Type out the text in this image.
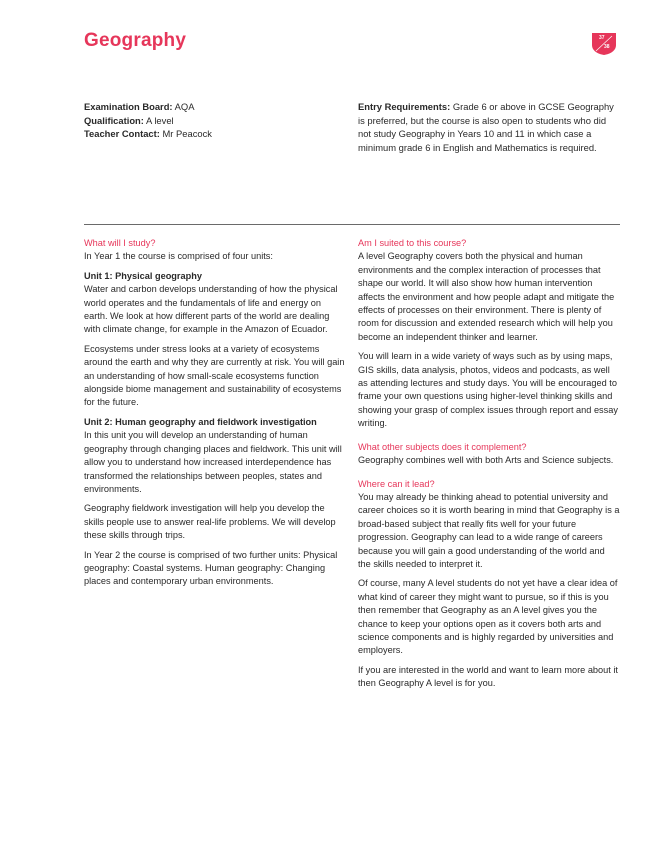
Geography	37
38
Examination Board: AQA
Qualification: A level
Teacher Contact: Mr Peacock
Entry Requirements: Grade 6 or above in GCSE Geography is preferred, but the course is also open to students who did not study Geography in Years 10 and 11 in which case a minimum grade 6 in English and Mathematics is required.
What will I study?

In Year 1 the course is comprised of four units:

Unit 1: Physical geography

Water and carbon develops understanding of how the physical world operates and the fundamentals of life and energy on earth. We look at how different parts of the world are dealing with climate change, for example in the Amazon of Ecuador.

Ecosystems under stress looks at a variety of ecosystems around the earth and why they are currently at risk. You will gain an understanding of how small-scale ecosystems function alongside biome management and sustainability of ecosystems for the future.

Unit 2: Human geography and fieldwork investigation

In this unit you will develop an understanding of human geography through changing places and fieldwork. This unit will allow you to understand how increased interdependence has transformed the relationships between peoples, states and environments.

Geography fieldwork investigation will help you develop the skills people use to answer real-life problems. We will develop these skills through trips.

In Year 2 the course is comprised of two further units: Physical geography: Coastal systems. Human geography: Changing places and contemporary urban environments.

Am I suited to this course?

A level Geography covers both the physical and human environments and the complex interaction of processes that shape our world. It will also show how human intervention affects the environment and how people adapt and mitigate the effects of processes on their environment. There is plenty of room for discussion and extended research which will help you become an independent thinker and learner.

You will learn in a wide variety of ways such as by using maps, GIS skills, data analysis, photos, videos and podcasts, as well as attending lectures and study days. You will be encouraged to frame your own questions using higher-level thinking skills and showing your grasp of complex issues through report and essay writing.

What other subjects does it complement?

Geography combines well with both Arts and Science subjects.

Where can it lead?

You may already be thinking ahead to potential university and career choices so it is worth bearing in mind that Geography is a broad-based subject that really fits well for your future progression. Geography can lead to a wide range of careers because you will gain a good understanding of the world and the skills needed to interpret it.

Of course, many A level students do not yet have a clear idea of what kind of career they might want to pursue, so if this is you then remember that Geography as an A level gives you the chance to keep your options open as it covers both arts and science components and is highly regarded by universities and employers.

If you are interested in the world and want to learn more about it then Geography A level is for you.
